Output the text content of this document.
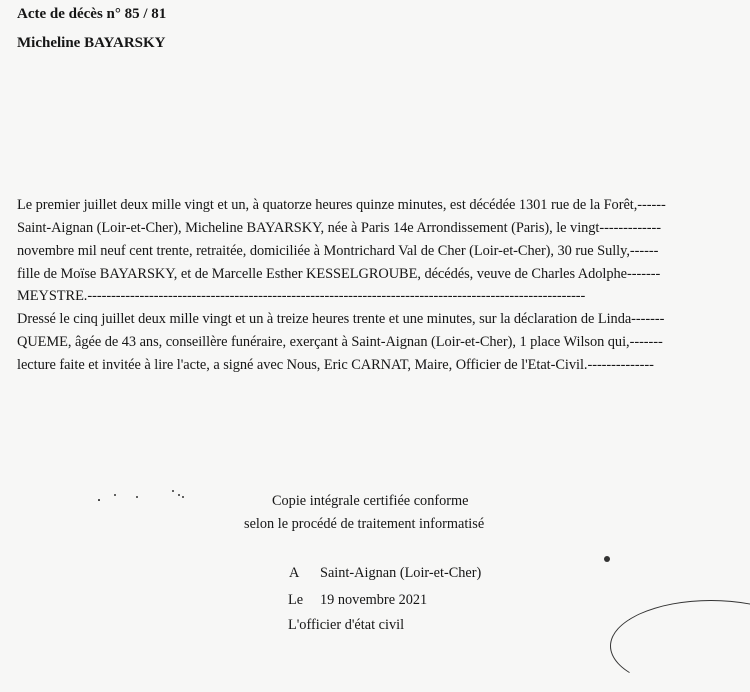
Acte de décès n° 85 / 81
Micheline BAYARSKY
Le premier juillet deux mille vingt et un, à quatorze heures quinze minutes, est décédée 1301 rue de la Forêt,------
Saint-Aignan (Loir-et-Cher), Micheline BAYARSKY, née à Paris 14e Arrondissement (Paris), le vingt-------------
novembre mil neuf cent trente, retraitée, domiciliée à Montrichard Val de Cher (Loir-et-Cher), 30 rue Sully,------
fille de Moïse BAYARSKY, et de Marcelle Esther KESSELGROUBE, décédés, veuve de Charles Adolphe-------
MEYSTRE.---------------------------------------------------------------------------------------------------------
Dressé le cinq juillet deux mille vingt et un à treize heures trente et une minutes, sur la déclaration de Linda-------
QUEME, âgée de 43 ans, conseillère funéraire, exerçant à Saint-Aignan (Loir-et-Cher), 1 place Wilson qui,-------
lecture faite et invitée à lire l'acte, a signé avec Nous, Eric CARNAT, Maire, Officier de l'Etat-Civil.--------------
Copie intégrale certifiée conforme
selon le procédé de traitement informatisé
A Saint-Aignan (Loir-et-Cher)
Le 19 novembre 2021
L'officier d'état civil
